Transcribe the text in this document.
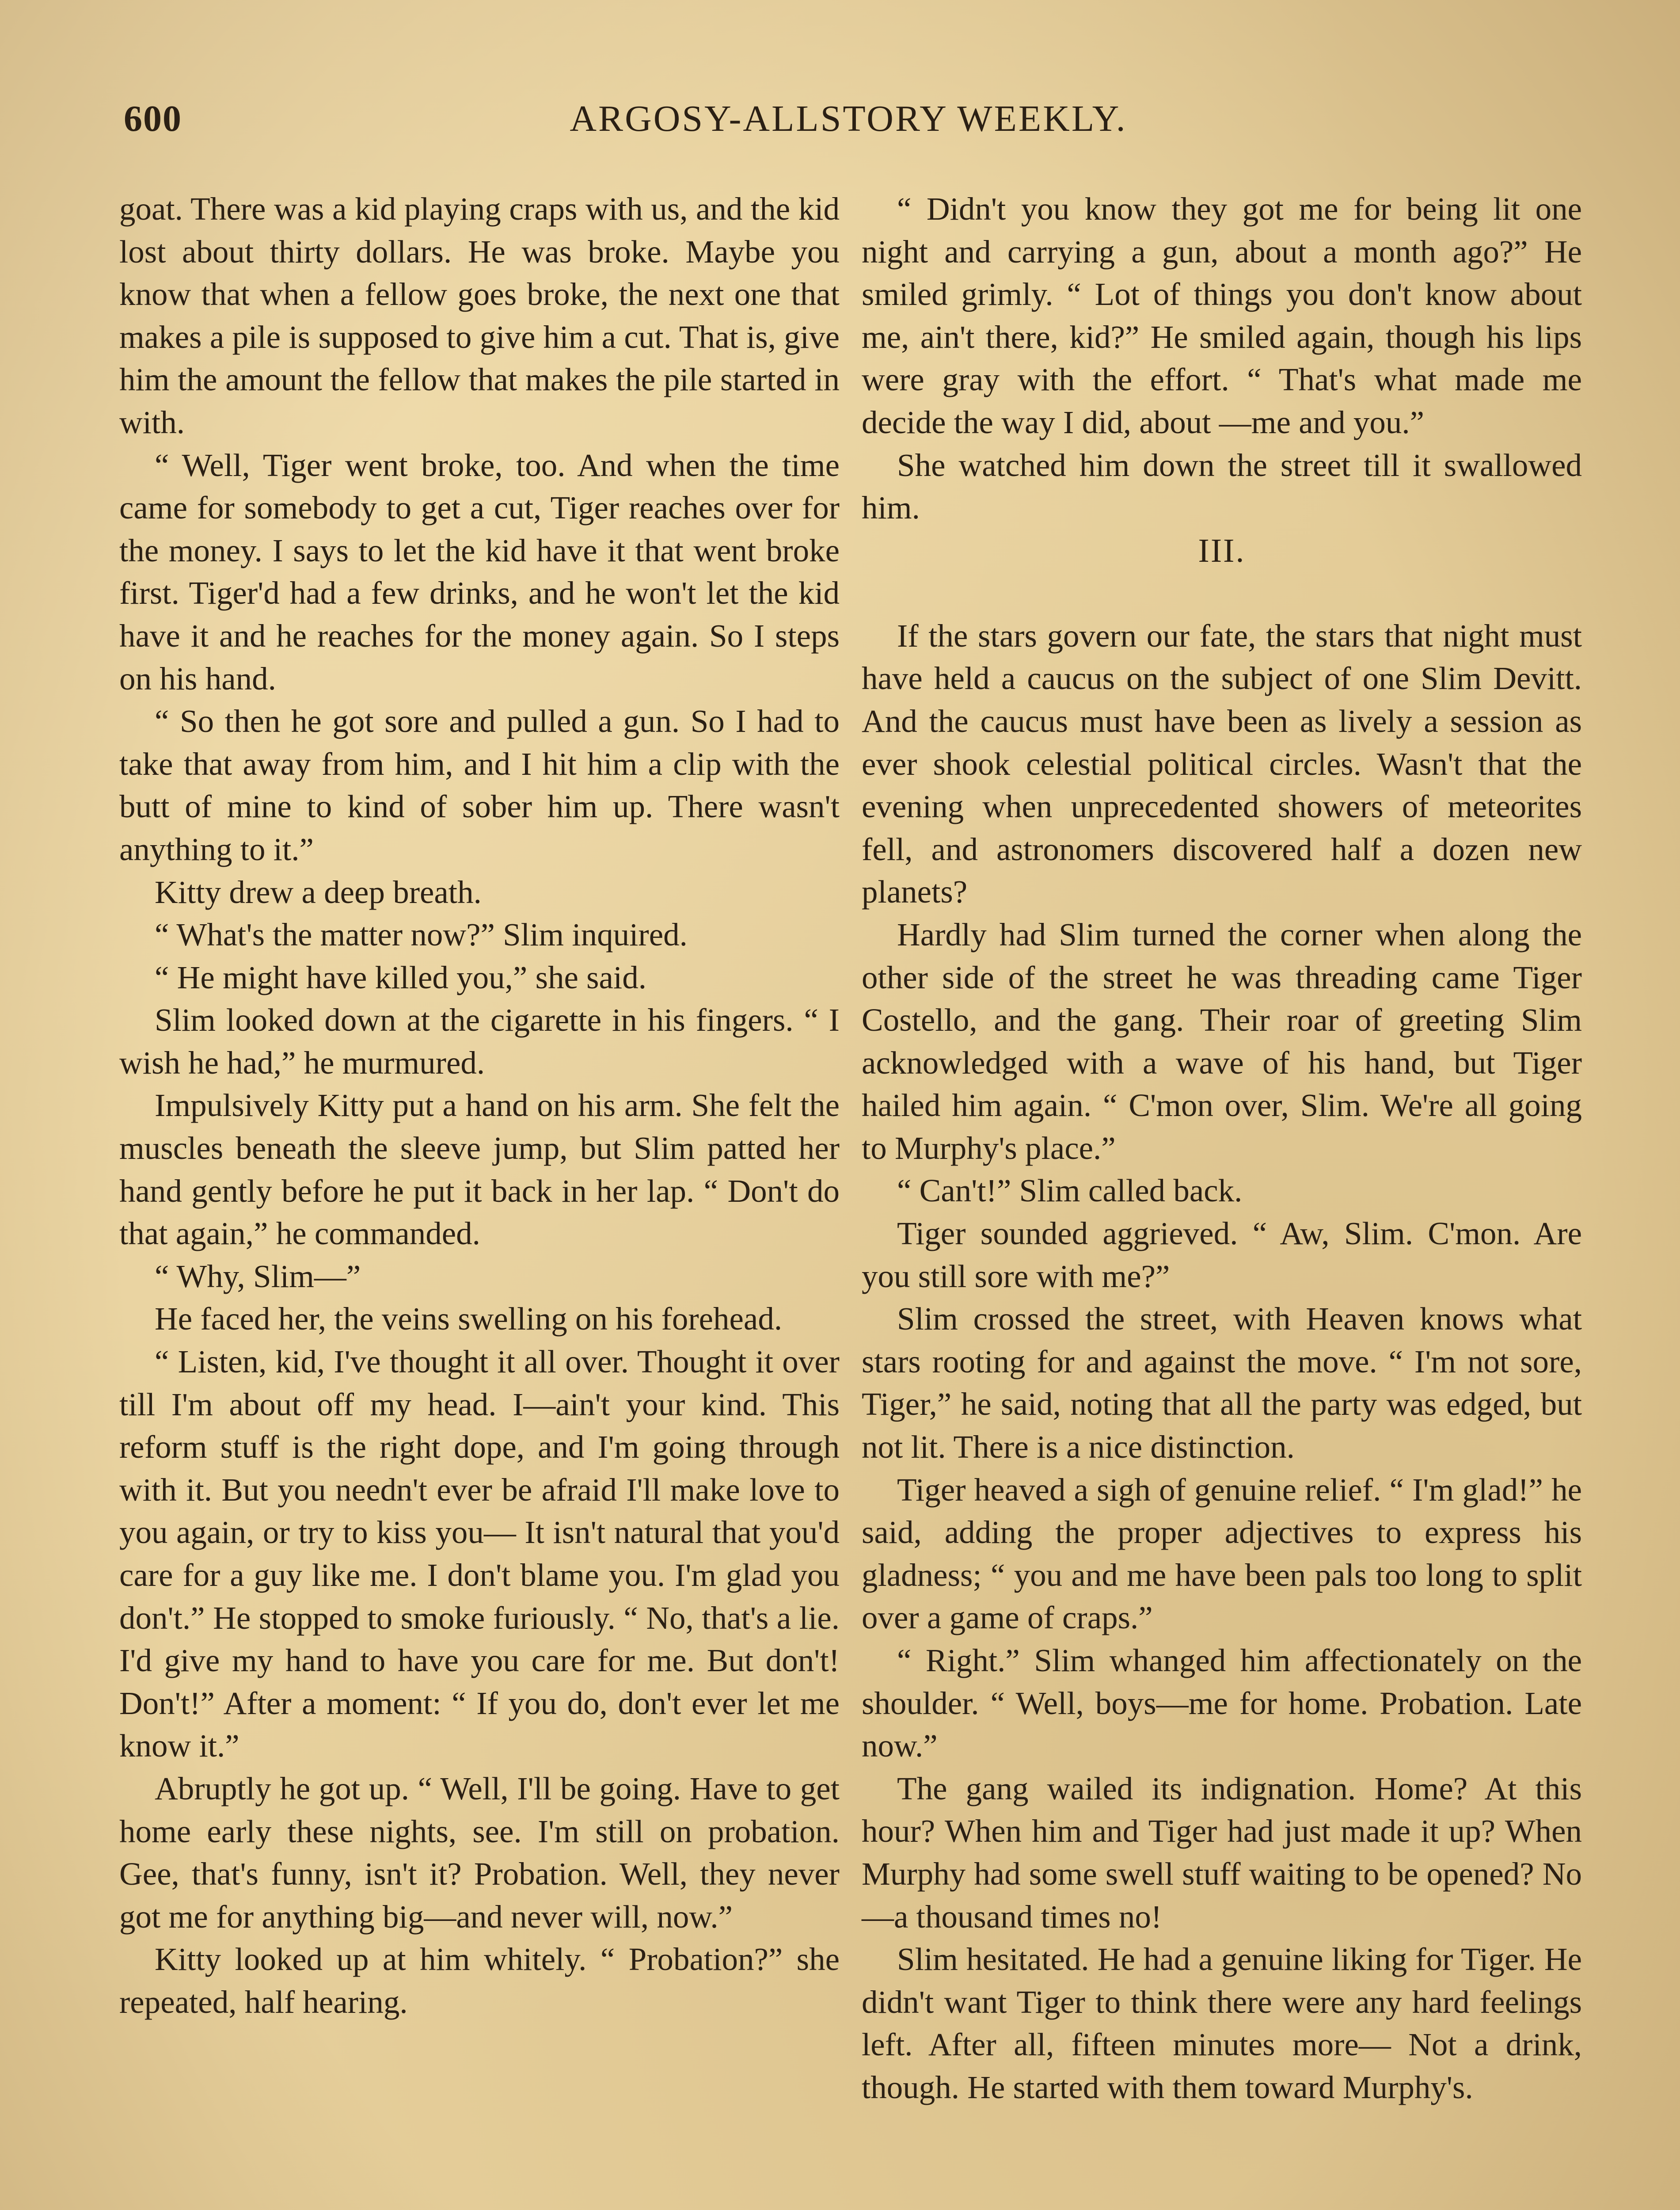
600	ARGOSY-ALLSTORY WEEKLY.

goat. There was a kid playing craps with us, and the kid lost about thirty dollars. He was broke. Maybe you know that when a fellow goes broke, the next one that makes a pile is supposed to give him a cut. That is, give him the amount the fellow that makes the pile started in with.

“ Well, Tiger went broke, too. And when the time came for somebody to get a cut, Tiger reaches over for the money. I says to let the kid have it that went broke first. Tiger'd had a few drinks, and he won't let the kid have it and he reaches for the money again. So I steps on his hand.

“ So then he got sore and pulled a gun. So I had to take that away from him, and I hit him a clip with the butt of mine to kind of sober him up. There wasn't anything to it.”

Kitty drew a deep breath.

“ What's the matter now?” Slim inquired.

“ He might have killed you,” she said.

Slim looked down at the cigarette in his fingers. “ I wish he had,” he murmured.

Impulsively Kitty put a hand on his arm. She felt the muscles beneath the sleeve jump, but Slim patted her hand gently before he put it back in her lap. “ Don't do that again,” he commanded.

“ Why, Slim—”

He faced her, the veins swelling on his forehead.

“ Listen, kid, I've thought it all over. Thought it over till I'm about off my head. I—ain't your kind. This reform stuff is the right dope, and I'm going through with it. But you needn't ever be afraid I'll make love to you again, or try to kiss you— It isn't natural that you'd care for a guy like me. I don't blame you. I'm glad you don't.” He stopped to smoke furiously. “ No, that's a lie. I'd give my hand to have you care for me. But don't! Don't!” After a moment: “ If you do, don't ever let me know it.”

Abruptly he got up. “ Well, I'll be going. Have to get home early these nights, see. I'm still on probation. Gee, that's funny, isn't it? Probation. Well, they never got me for anything big—and never will, now.”

Kitty looked up at him whitely. “ Probation?” she repeated, half hearing.

“ Didn't you know they got me for being lit one night and carrying a gun, about a month ago?” He smiled grimly. “ Lot of things you don't know about me, ain't there, kid?” He smiled again, though his lips were gray with the effort. “ That's what made me decide the way I did, about —me and you.”

She watched him down the street till it swallowed him.

III.

If the stars govern our fate, the stars that night must have held a caucus on the subject of one Slim Devitt. And the caucus must have been as lively a session as ever shook celestial political circles. Wasn't that the evening when unprecedented showers of meteorites fell, and astronomers discovered half a dozen new planets?

Hardly had Slim turned the corner when along the other side of the street he was threading came Tiger Costello, and the gang. Their roar of greeting Slim acknowledged with a wave of his hand, but Tiger hailed him again. “ C'mon over, Slim. We're all going to Murphy's place.”

“ Can't!” Slim called back.

Tiger sounded aggrieved. “ Aw, Slim. C'mon. Are you still sore with me?”

Slim crossed the street, with Heaven knows what stars rooting for and against the move. “ I'm not sore, Tiger,” he said, noting that all the party was edged, but not lit. There is a nice distinction.

Tiger heaved a sigh of genuine relief. “ I'm glad!” he said, adding the proper adjectives to express his gladness; “ you and me have been pals too long to split over a game of craps.”

“ Right.” Slim whanged him affectionately on the shoulder. “ Well, boys—me for home. Probation. Late now.”

The gang wailed its indignation. Home? At this hour? When him and Tiger had just made it up? When Murphy had some swell stuff waiting to be opened? No—a thousand times no!

Slim hesitated. He had a genuine liking for Tiger. He didn't want Tiger to think there were any hard feelings left. After all, fifteen minutes more— Not a drink, though. He started with them toward Murphy's.
